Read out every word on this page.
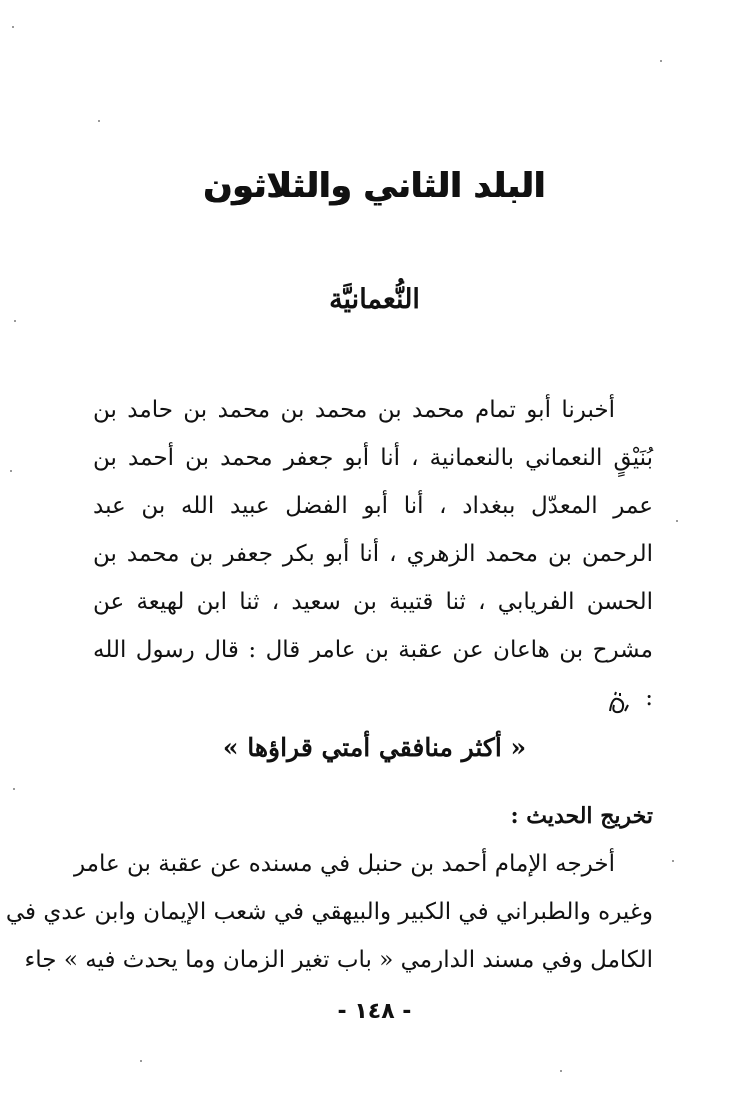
البلد الثاني والثلاثون
النُّعمانيَّة
أخبرنا أبو تمام محمد بن محمد بن محمد بن حامد بن
بُنَيْقٍ النعماني بالنعمانية ، أنا أبو جعفر محمد بن أحمد بن
عمر المعدّل ببغداد ، أنا أبو الفضل عبيد الله بن عبد
الرحمن بن محمد الزهري ، أنا أبو بكر جعفر بن محمد بن
الحسن الفريابي ، ثنا قتيبة بن سعيد ، ثنا ابن لهيعة عن
مشرح بن هاعان عن عقبة بن عامر قال : قال رسول الله
:
« أكثر منافقي أمتي قراؤها »
تخريج الحديث :
أخرجه الإمام أحمد بن حنبل في مسنده عن عقبة بن عامر
وغيره والطبراني في الكبير والبيهقي في شعب الإيمان وابن عدي في
الكامل وفي مسند الدارمي « باب تغير الزمان وما يحدث فيه » جاء
- ١٤٨ -
